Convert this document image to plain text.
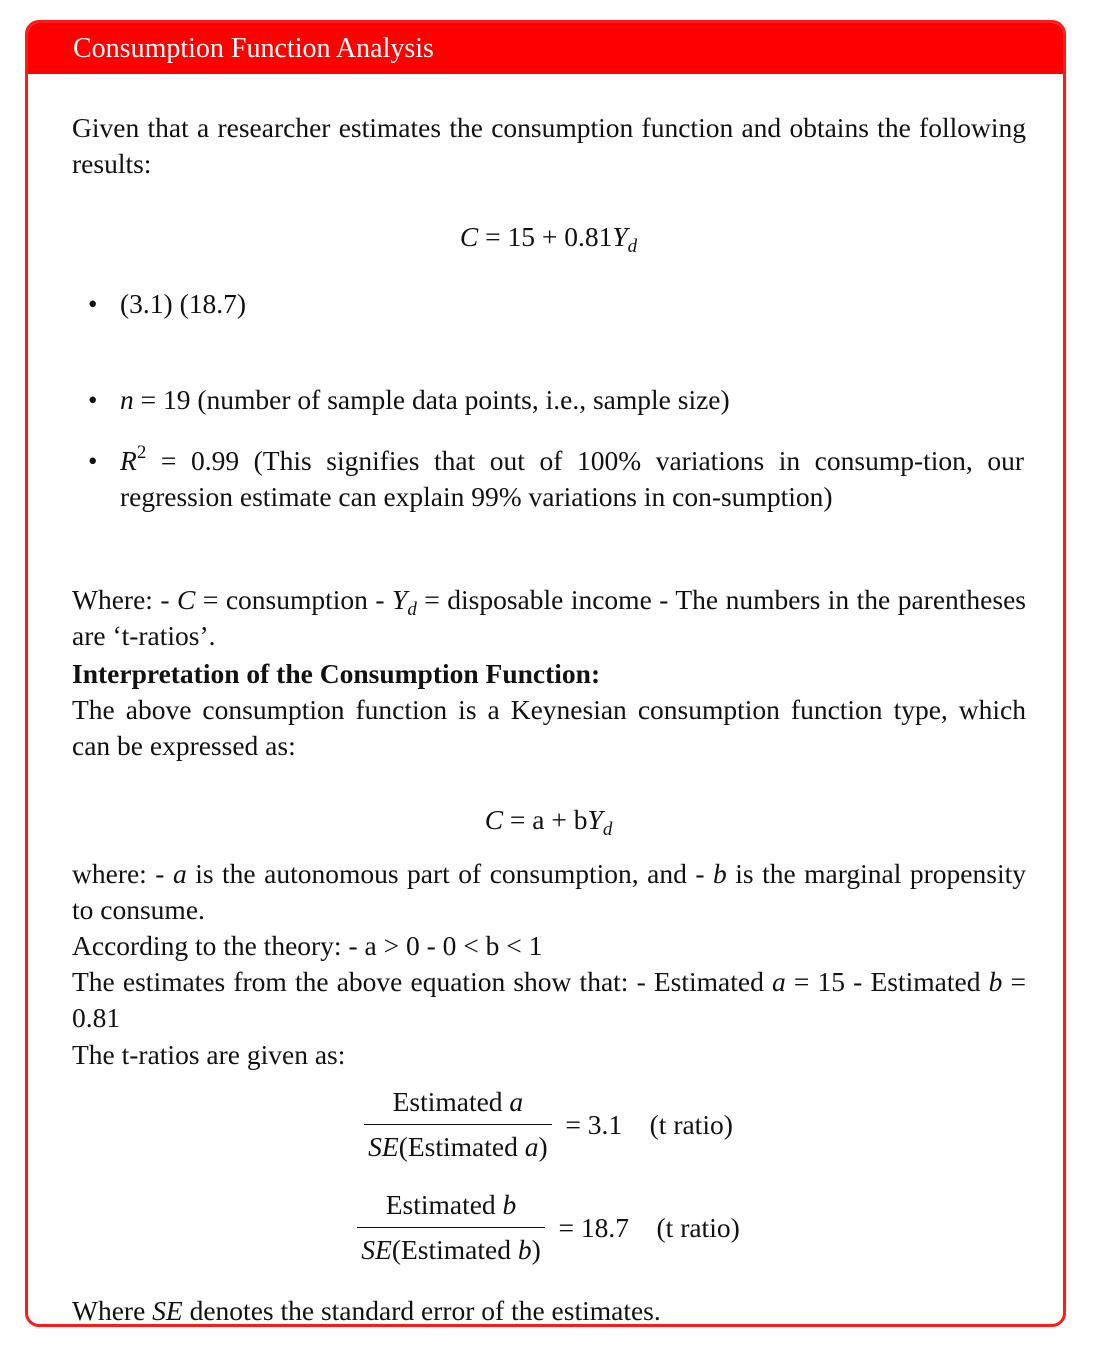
Consumption Function Analysis
Given that a researcher estimates the consumption function and obtains the following results:
$C = 15 + 0.81Y_d$
• (3.1) (18.7)
• n = 19 (number of sample data points, i.e., sample size)
• $R^2 = 0.99$ (This signifies that out of 100% variations in consump-tion, our regression estimate can explain 99% variations in con-sumption)
Where: - C = consumption - $Y_d$ = disposable income - The numbers in the parentheses are ‘t-ratios’.
Interpretation of the Consumption Function:
The above consumption function is a Keynesian consumption function type, which can be expressed as:
$C = a + bY_d$
where: - a is the autonomous part of consumption, and - b is the marginal propensity to consume.
According to the theory: - a > 0 - 0 < b < 1
The estimates from the above equation show that: - Estimated a = 15 - Estimated b = 0.81
The t-ratios are given as:
$\frac{\text{Estimated a}}{\text{SE(Estimated a)}} = 3.1$ (t ratio)
$\frac{\text{Estimated b}}{\text{SE(Estimated b)}} = 18.7$ (t ratio)
Where SE denotes the standard error of the estimates.
